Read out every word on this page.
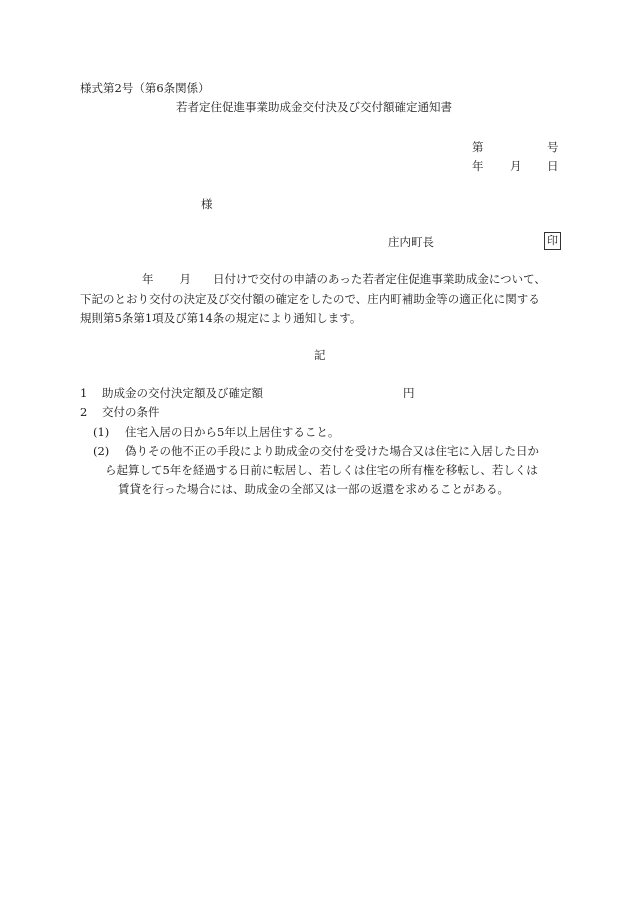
様式第2号（第6条関係）
若者定住促進事業助成金交付決及び交付額確定通知書
第	号
年 月 日
様
庄内町長	印
年 月 日付けで交付の申請のあった若者定住促進事業助成金について、
下記のとおり交付の決定及び交付額の確定をしたので、庄内町補助金等の適正化に関する
規則第5条第1項及び第14条の規定により通知します。
記
1 助成金の交付決定額及び確定額	円
2 交付の条件
(1) 住宅入居の日から5年以上居住すること。
(2) 偽りその他不正の手段により助成金の交付を受けた場合又は住宅に入居した日か
ら起算して5年を経過する日前に転居し、若しくは住宅の所有権を移転し、若しくは
賃貸を行った場合には、助成金の全部又は一部の返還を求めることがある。
